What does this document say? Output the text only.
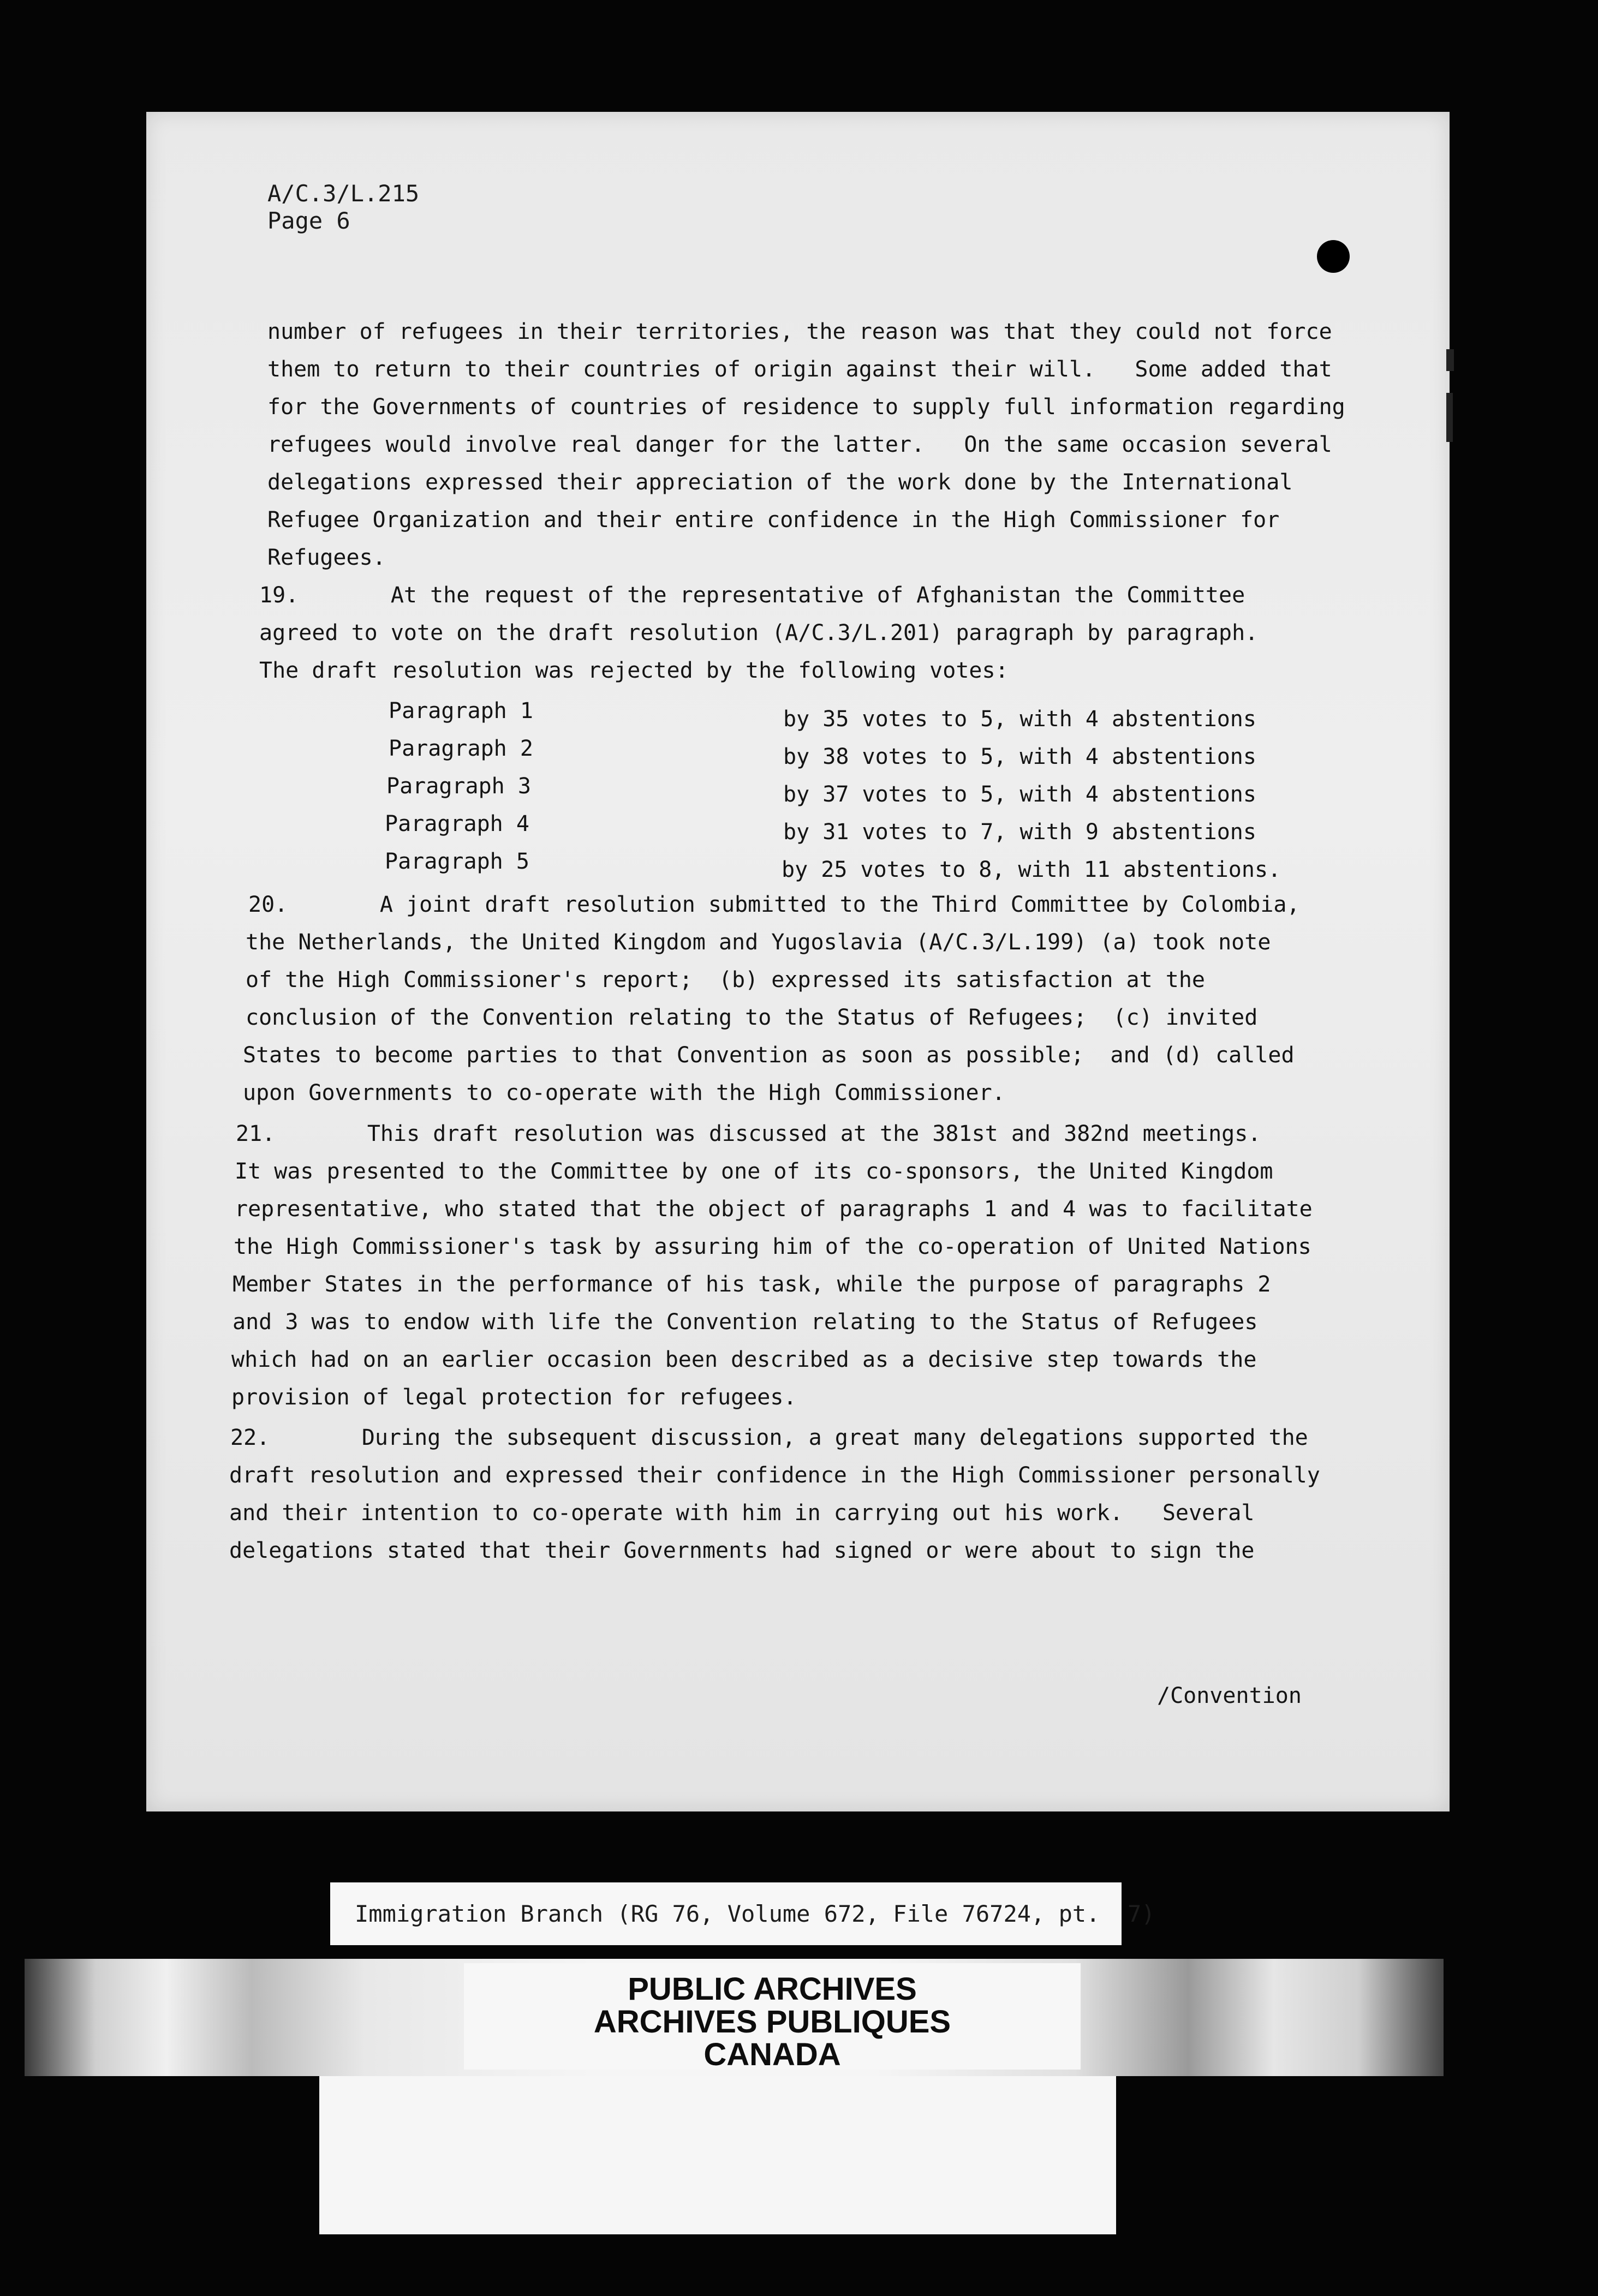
A/C.3/L.215
Page 6
number of refugees in their territories, the reason was that they could not force
them to return to their countries of origin against their will.   Some added that
for the Governments of countries of residence to supply full information regarding
refugees would involve real danger for the latter.   On the same occasion several
delegations expressed their appreciation of the work done by the International
Refugee Organization and their entire confidence in the High Commissioner for
Refugees.
19.       At the request of the representative of Afghanistan the Committee
agreed to vote on the draft resolution (A/C.3/L.201) paragraph by paragraph.
The draft resolution was rejected by the following votes:
Paragraph 1	by 35 votes to 5, with 4 abstentions
Paragraph 2	by 38 votes to 5, with 4 abstentions
Paragraph 3	by 37 votes to 5, with 4 abstentions
Paragraph 4	by 31 votes to 7, with 9 abstentions
Paragraph 5	by 25 votes to 8, with 11 abstentions.
20.       A joint draft resolution submitted to the Third Committee by Colombia,
the Netherlands, the United Kingdom and Yugoslavia (A/C.3/L.199) (a) took note
of the High Commissioner's report;  (b) expressed its satisfaction at the
conclusion of the Convention relating to the Status of Refugees;  (c) invited
States to become parties to that Convention as soon as possible;  and (d) called
upon Governments to co-operate with the High Commissioner.
21.       This draft resolution was discussed at the 381st and 382nd meetings.
It was presented to the Committee by one of its co-sponsors, the United Kingdom
representative, who stated that the object of paragraphs 1 and 4 was to facilitate
the High Commissioner's task by assuring him of the co-operation of United Nations
Member States in the performance of his task, while the purpose of paragraphs 2
and 3 was to endow with life the Convention relating to the Status of Refugees
which had on an earlier occasion been described as a decisive step towards the
provision of legal protection for refugees.
22.       During the subsequent discussion, a great many delegations supported the
draft resolution and expressed their confidence in the High Commissioner personally
and their intention to co-operate with him in carrying out his work.   Several
delegations stated that their Governments had signed or were about to sign the
/Convention
Immigration Branch (RG 76, Volume 672, File 76724, pt.  7)
PUBLIC ARCHIVES
ARCHIVES PUBLIQUES
CANADA
